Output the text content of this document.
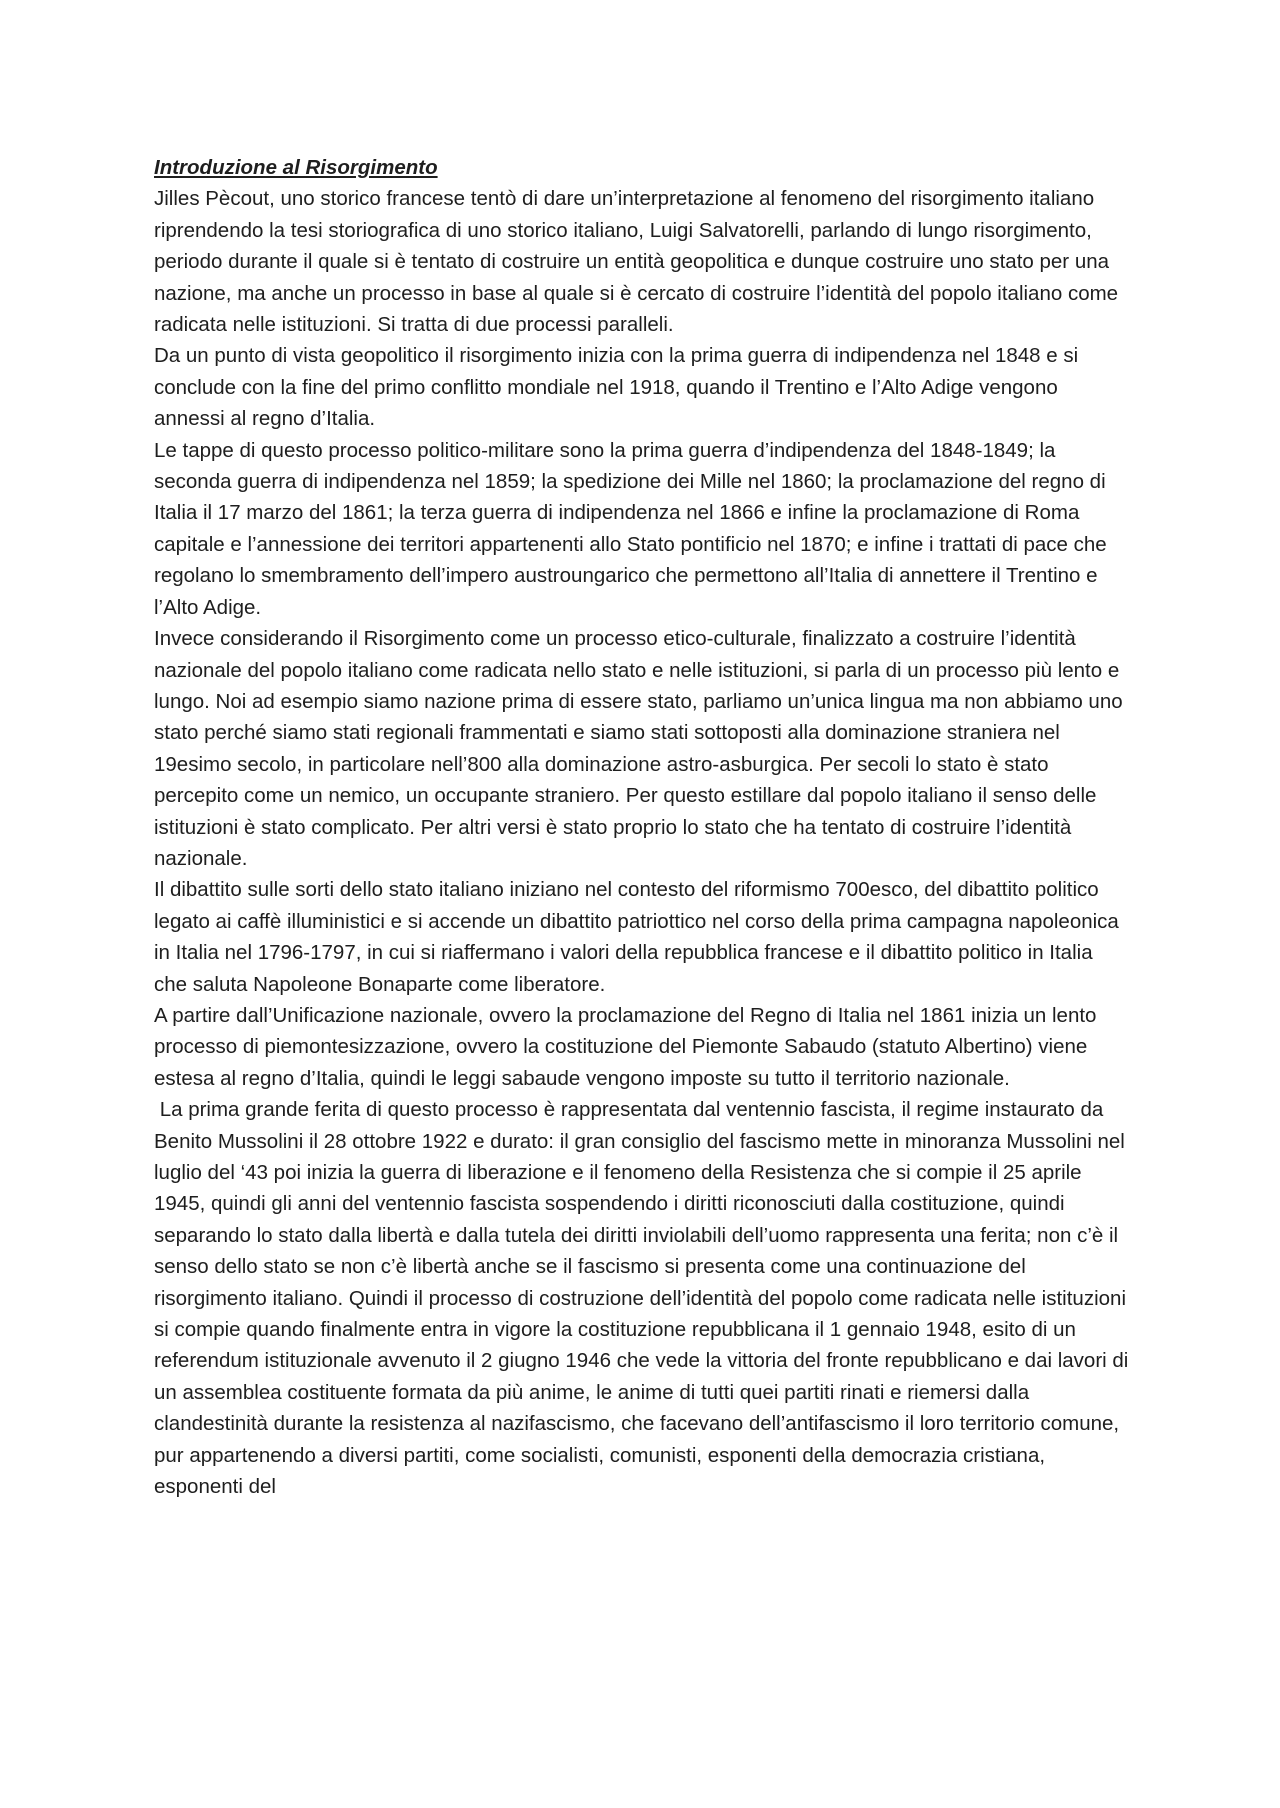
Introduzione al Risorgimento

Jilles Pècout, uno storico francese tentò di dare un’interpretazione al fenomeno del risorgimento italiano riprendendo la tesi storiografica di uno storico italiano, Luigi Salvatorelli, parlando di lungo risorgimento, periodo durante il quale si è tentato di costruire un entità geopolitica e dunque costruire uno stato per una nazione, ma anche un processo in base al quale si è cercato di costruire l’identità del popolo italiano come radicata nelle istituzioni. Si tratta di due processi paralleli.

Da un punto di vista geopolitico il risorgimento inizia con la prima guerra di indipendenza nel 1848 e si conclude con la fine del primo conflitto mondiale nel 1918, quando il Trentino e l’Alto Adige vengono annessi al regno d’Italia.

Le tappe di questo processo politico-militare sono la prima guerra d’indipendenza del 1848-1849; la seconda guerra di indipendenza nel 1859; la spedizione dei Mille nel 1860; la proclamazione del regno di Italia il 17 marzo del 1861; la terza guerra di indipendenza nel 1866 e infine la proclamazione di Roma capitale e l’annessione dei territori appartenenti allo Stato pontificio nel 1870; e infine i trattati di pace che regolano lo smembramento dell’impero austroungarico che permettono all’Italia di annettere il Trentino e l’Alto Adige.

Invece considerando il Risorgimento come un processo etico-culturale, finalizzato a costruire l’identità nazionale del popolo italiano come radicata nello stato e nelle istituzioni, si parla di un processo più lento e lungo. Noi ad esempio siamo nazione prima di essere stato, parliamo un’unica lingua ma non abbiamo uno stato perché siamo stati regionali frammentati e siamo stati sottoposti alla dominazione straniera nel 19esimo secolo, in particolare nell’800 alla dominazione astro-asburgica. Per secoli lo stato è stato percepito come un nemico, un occupante straniero. Per questo estillare dal popolo italiano il senso delle istituzioni è stato complicato. Per altri versi è stato proprio lo stato che ha tentato di costruire l’identità nazionale.

Il dibattito sulle sorti dello stato italiano iniziano nel contesto del riformismo 700esco, del dibattito politico legato ai caffè illuministici e si accende un dibattito patriottico nel corso della prima campagna napoleonica in Italia nel 1796-1797, in cui si riaffermano i valori della repubblica francese e il dibattito politico in Italia che saluta Napoleone Bonaparte come liberatore.

A partire dall’Unificazione nazionale, ovvero la proclamazione del Regno di Italia nel 1861 inizia un lento processo di piemontesizzazione, ovvero la costituzione del Piemonte Sabaudo (statuto Albertino) viene estesa al regno d’Italia, quindi le leggi sabaude vengono imposte su tutto il territorio nazionale.

La prima grande ferita di questo processo è rappresentata dal ventennio fascista, il regime instaurato da Benito Mussolini il 28 ottobre 1922 e durato: il gran consiglio del fascismo mette in minoranza Mussolini nel luglio del ‘43 poi inizia la guerra di liberazione e il fenomeno della Resistenza che si compie il 25 aprile 1945, quindi gli anni del ventennio fascista sospendendo i diritti riconosciuti dalla costituzione, quindi separando lo stato dalla libertà e dalla tutela dei diritti inviolabili dell’uomo rappresenta una ferita; non c’è il senso dello stato se non c’è libertà anche se il fascismo si presenta come una continuazione del risorgimento italiano. Quindi il processo di costruzione dell’identità del popolo come radicata nelle istituzioni si compie quando finalmente entra in vigore la costituzione repubblicana il 1 gennaio 1948, esito di un referendum istituzionale avvenuto il 2 giugno 1946 che vede la vittoria del fronte repubblicano e dai lavori di un assemblea costituente formata da più anime, le anime di tutti quei partiti rinati e riemersi dalla clandestinità durante la resistenza al nazifascismo, che facevano dell’antifascismo il loro territorio comune, pur appartenendo a diversi partiti, come socialisti, comunisti, esponenti della democrazia cristiana, esponenti del
